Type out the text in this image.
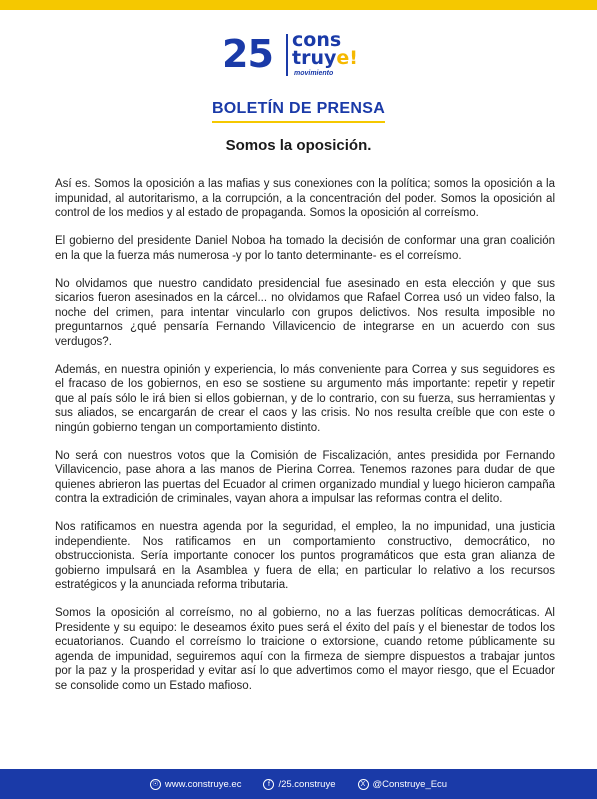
25 cons
truye!
movimiento
BOLETÍN DE PRENSA
Somos la oposición.

Así es. Somos la oposición a las mafias y sus conexiones con la política; somos la oposición a la impunidad, al autoritarismo, a la corrupción, a la concentración del poder. Somos la oposición al control de los medios y al estado de propaganda. Somos la oposición al correísmo.

El gobierno del presidente Daniel Noboa ha tomado la decisión de conformar una gran coalición en la que la fuerza más numerosa -y por lo tanto determinante- es el correísmo.

No olvidamos que nuestro candidato presidencial fue asesinado en esta elección y que sus sicarios fueron asesinados en la cárcel... no olvidamos que Rafael Correa usó un video falso, la noche del crimen, para intentar vincularlo con grupos delictivos. Nos resulta imposible no preguntarnos ¿qué pensaría Fernando Villavicencio de integrarse en un acuerdo con sus verdugos?.

Además, en nuestra opinión y experiencia, lo más conveniente para Correa y sus seguidores es el fracaso de los gobiernos, en eso se sostiene su argumento más importante: repetir y repetir que al país sólo le irá bien si ellos gobiernan, y de lo contrario, con su fuerza, sus herramientas y sus aliados, se encargarán de crear el caos y las crisis. No nos resulta creíble que con este o ningún gobierno tengan un comportamiento distinto.

No será con nuestros votos que la Comisión de Fiscalización, antes presidida por Fernando Villavicencio, pase ahora a las manos de Pierina Correa. Tenemos razones para dudar de que quienes abrieron las puertas del Ecuador al crimen organizado mundial y luego hicieron campaña contra la extradición de criminales, vayan ahora a impulsar las reformas contra el delito.

Nos ratificamos en nuestra agenda por la seguridad, el empleo, la no impunidad, una justicia independiente. Nos ratificamos en un comportamiento constructivo, democrático, no obstruccionista. Sería importante conocer los puntos programáticos que esta gran alianza de gobierno impulsará en la Asamblea y fuera de ella; en particular lo relativo a los recursos estratégicos y la anunciada reforma tributaria.

Somos la oposición al correísmo, no al gobierno, no a las fuerzas políticas democráticas. Al Presidente y su equipo: le deseamos éxito pues será el éxito del país y el bienestar de todos los ecuatorianos. Cuando el correísmo lo traicione o extorsione, cuando retome públicamente su agenda de impunidad, seguiremos aquí con la firmeza de siempre dispuestos a trabajar juntos por la paz y la prosperidad y evitar así lo que advertimos como el mayor riesgo, que el Ecuador se consolide como un Estado mafioso.

☉ www.construye.ec	f /25.construye	X @Construye_Ecu
